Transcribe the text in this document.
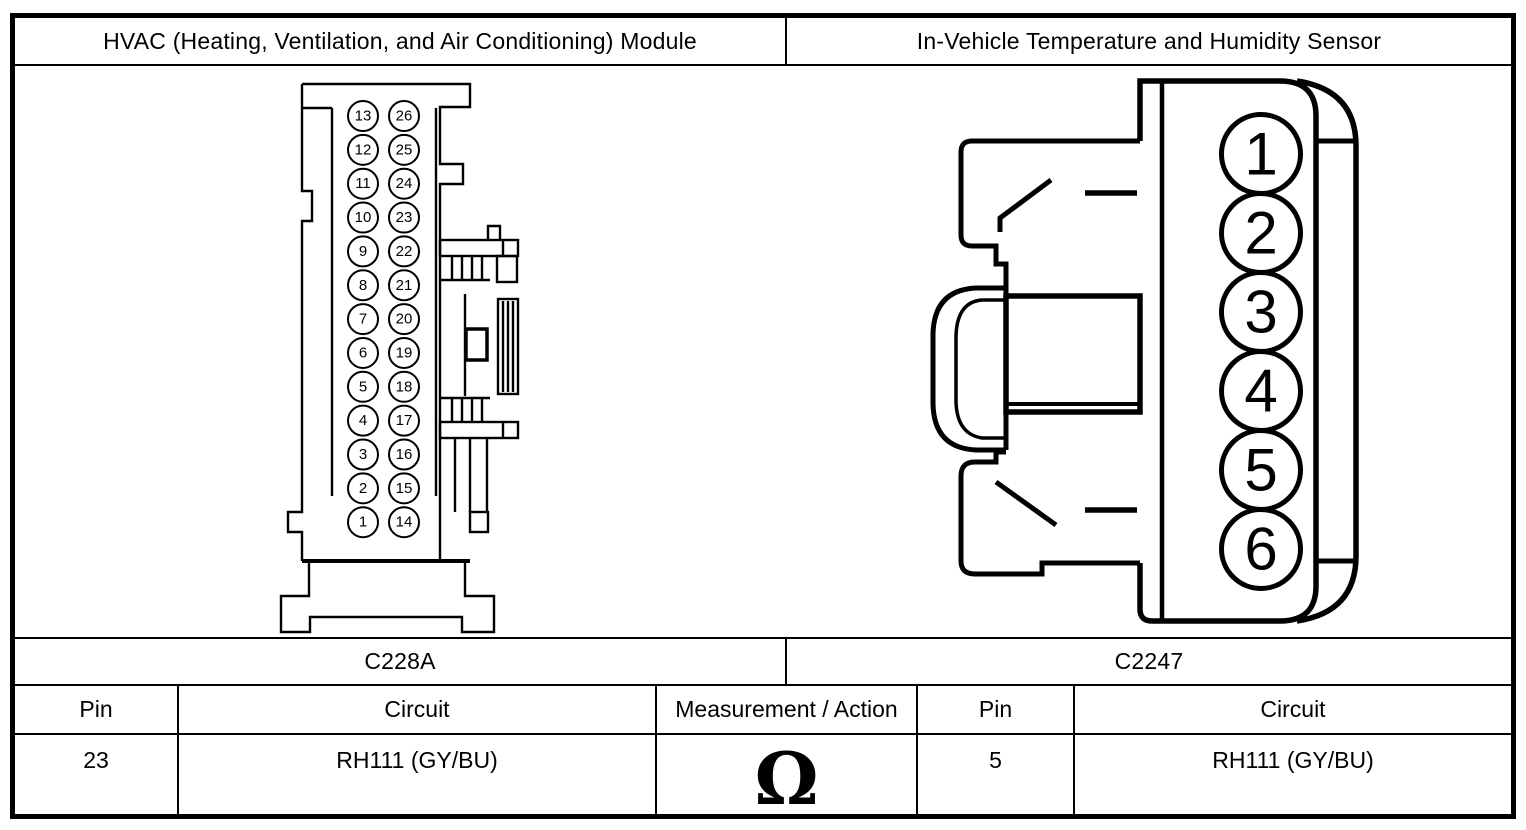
HVAC (Heating, Ventilation, and Air Conditioning) Module	In-Vehicle Temperature and Humidity Sensor
13
12
11
10
9
8
7
6
5
4
3
2
1
26
25
24
23
22
21
20
19
18
17
16
15
14
1
2
3
4
5
6
C228A	C2247
Pin	Circuit	Measurement / Action	Pin	Circuit
23	RH111 (GY/BU)	Ω	5	RH111 (GY/BU)
